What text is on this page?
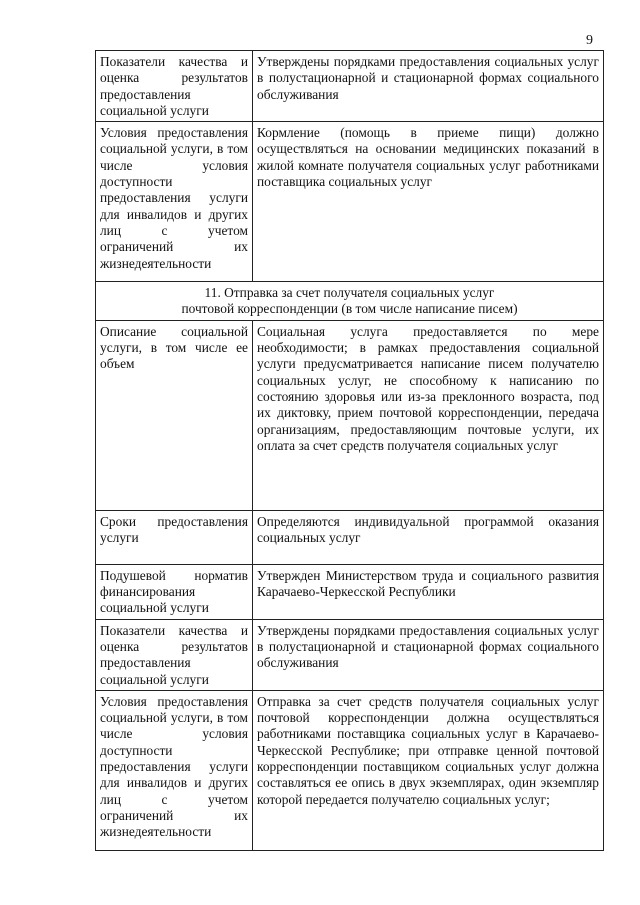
9
Показатели качества и оценка результатов предоставления социальной услуги	Утверждены порядками предоставления социальных услуг в полустационарной и стационарной формах социального обслуживания
Условия предоставления социальной услуги, в том числе условия доступности предоставления услуги для инвалидов и других лиц с учетом ограничений их жизнедеятельности	Кормление (помощь в приеме пищи) должно осуществляться на основании медицинских показаний в жилой комнате получателя социальных услуг работниками поставщика социальных услуг

11. Отправка за счет получателя социальных услуг
почтовой корреспонденции (в том числе написание писем)	

Описание социальной услуги, в том числе ее объем	Социальная услуга предоставляется по мере необходимости; в рамках предоставления социальной услуги предусматривается написание писем получателю социальных услуг, не способному к написанию по состоянию здоровья или из-за преклонного возраста, под их диктовку, прием почтовой корреспонденции, передача организациям, предоставляющим почтовые услуги, их оплата за счет средств получателя социальных услуг
Сроки предоставления услуги	Определяются индивидуальной программой оказания социальных услуг
Подушевой норматив финансирования социальной услуги	Утвержден Министерством труда и социального развития Карачаево-Черкесской Республики
Показатели качества и оценка результатов предоставления социальной услуги	Утверждены порядками предоставления социальных услуг в полустационарной и стационарной формах социального обслуживания
Условия предоставления социальной услуги, в том числе условия доступности предоставления услуги для инвалидов и других лиц с учетом ограничений их жизнедеятельности	Отправка за счет средств получателя социальных услуг почтовой корреспонденции должна осуществляться работниками поставщика социальных услуг в Карачаево-Черкесской Республике; при отправке ценной почтовой корреспонденции поставщиком социальных услуг должна составляться ее опись в двух экземплярах, один экземпляр которой передается получателю социальных услуг;
